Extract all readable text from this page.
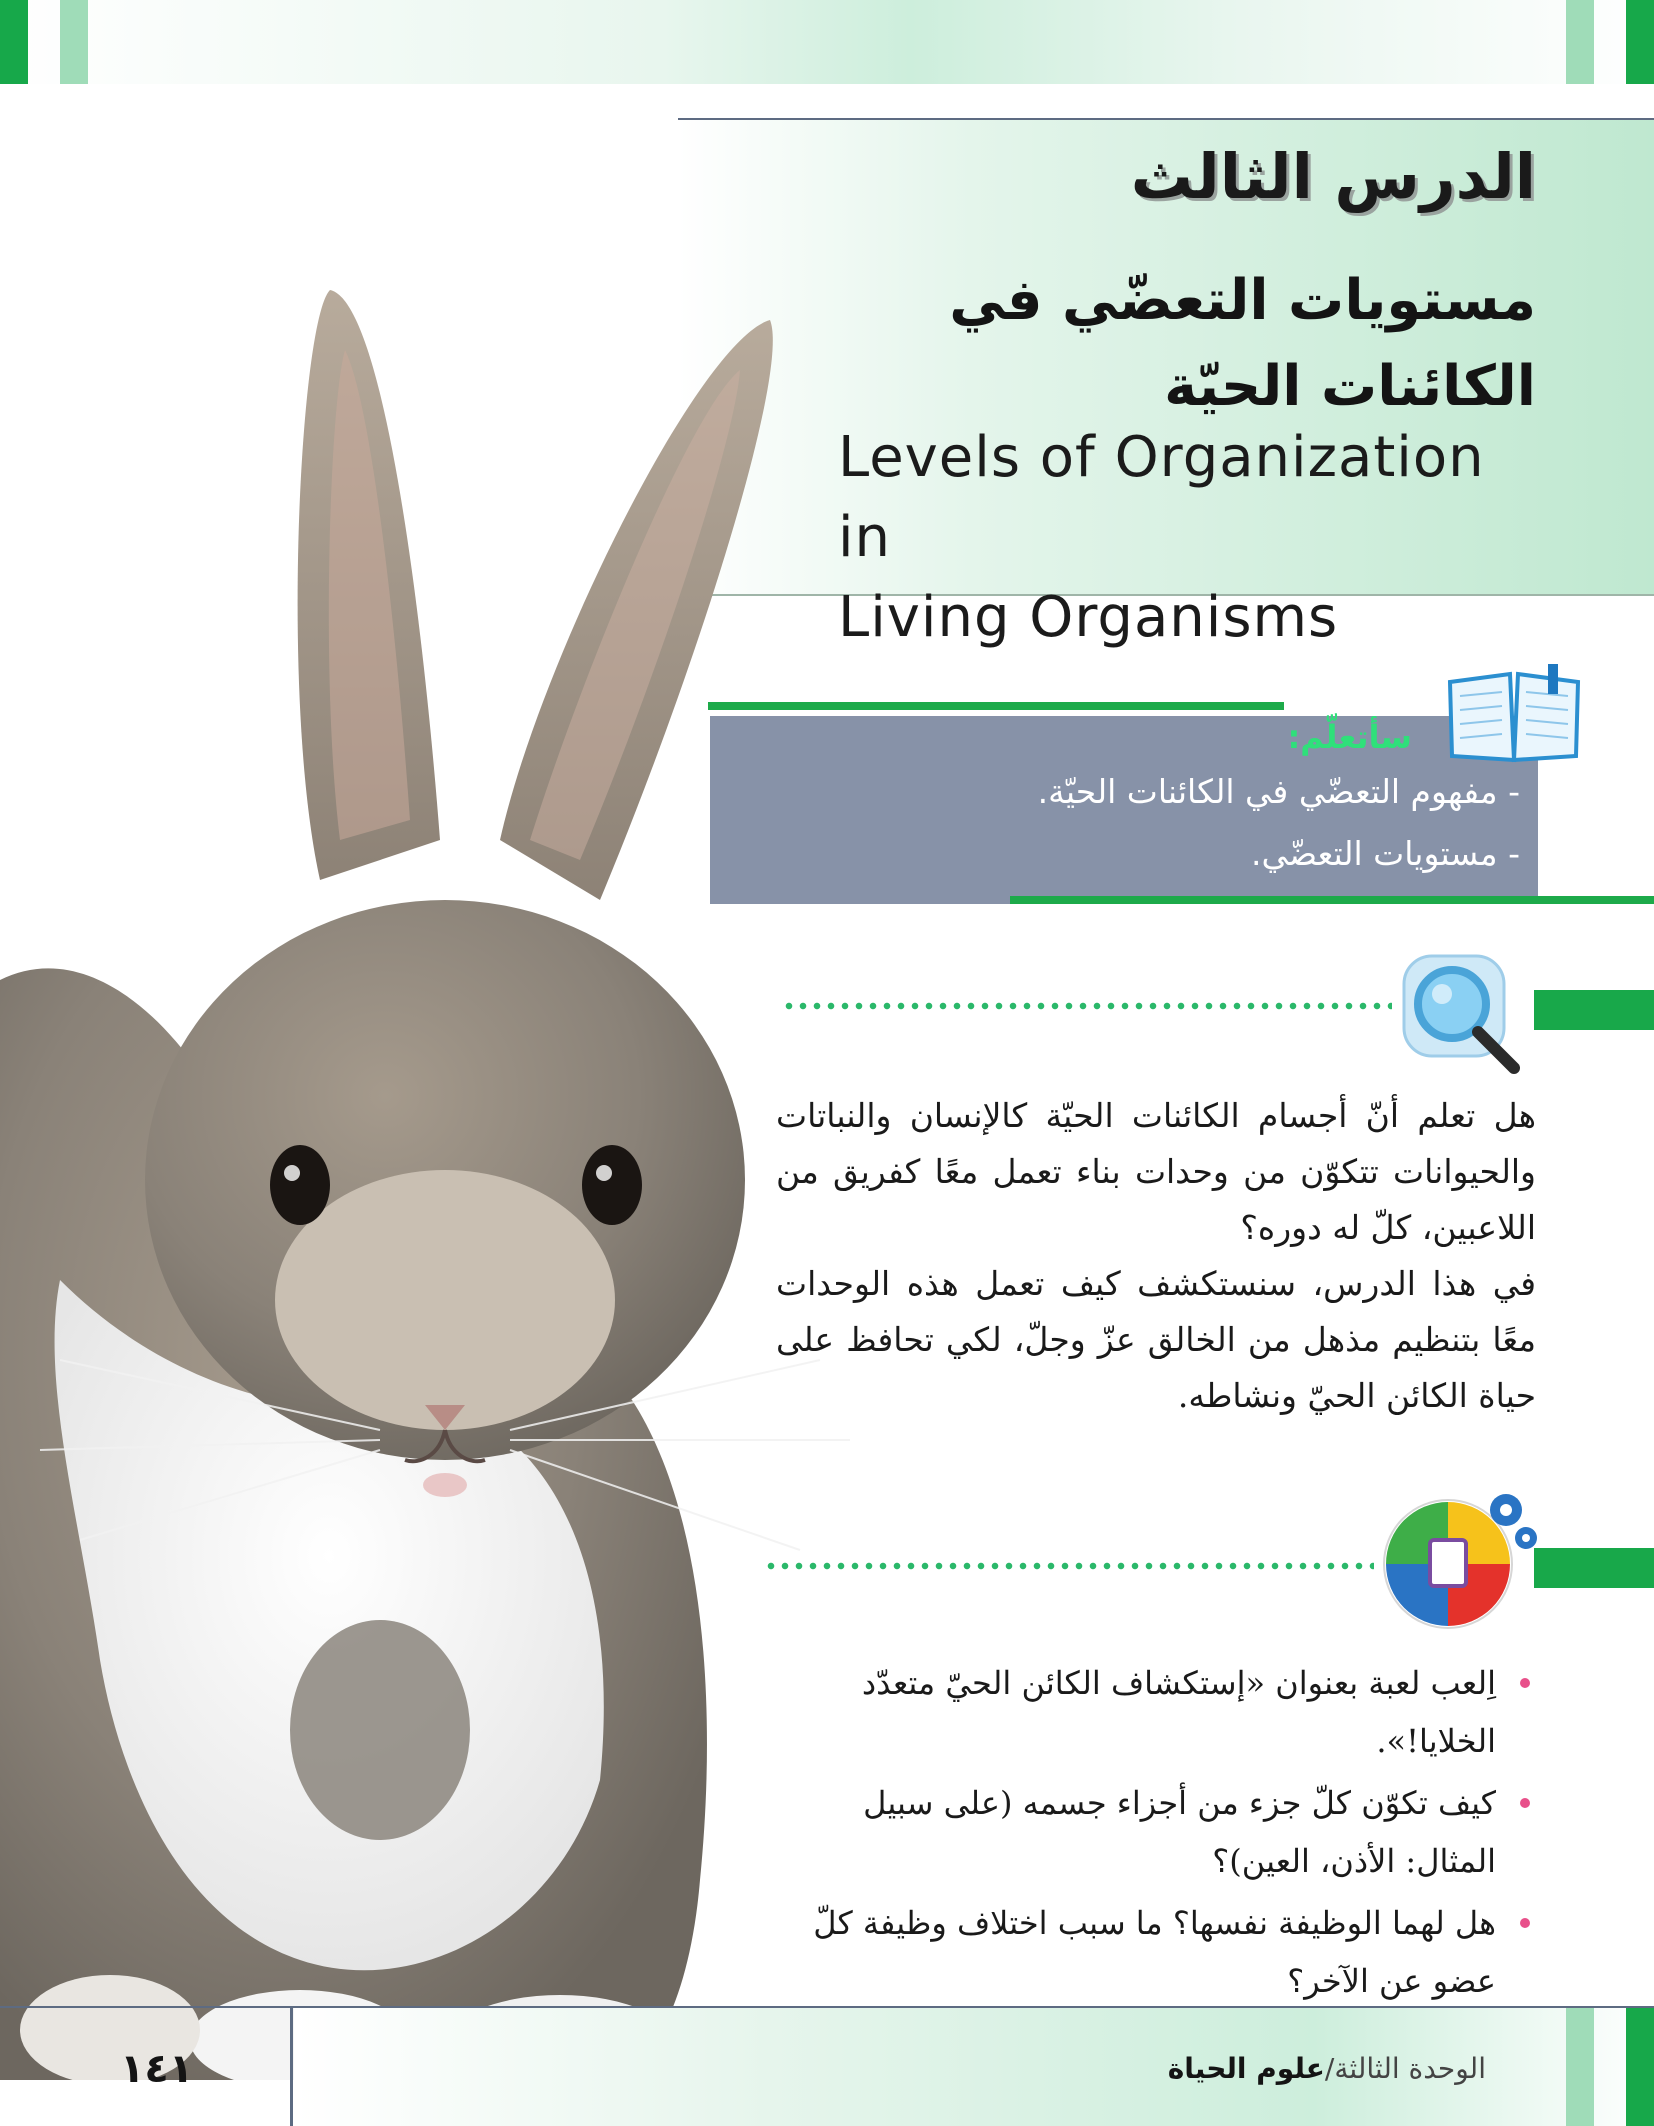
الدرس الثالث
مستويات التعضّي في
الكائنات الحيّة
Levels of Organization in
Living Organisms
سأتعلّم:
- مفهوم التعضّي في الكائنات الحيّة.
- مستويات التعضّي.

هل تعلم أنّ أجسام الكائنات الحيّة كالإنسان والنباتات والحيوانات تتكوّن من وحدات بناء تعمل معًا كفريق من اللاعبين، كلّ له دوره؟

في هذا الدرس، سنستكشف كيف تعمل هذه الوحدات معًا بتنظيم مذهل من الخالق عزّ وجلّ، لكي تحافظ على حياة الكائن الحيّ ونشاطه.

اِلعب لعبة بعنوان «إستكشاف الكائن الحيّ متعدّد الخلايا!».
كيف تكوّن كلّ جزء من أجزاء جسمه (على سبيل المثال: الأذن، العين)؟
هل لهما الوظيفة نفسها؟ ما سبب اختلاف وظيفة كلّ عضو عن الآخر؟
١٤١	الوحدة الثالثة/علوم الحياة
